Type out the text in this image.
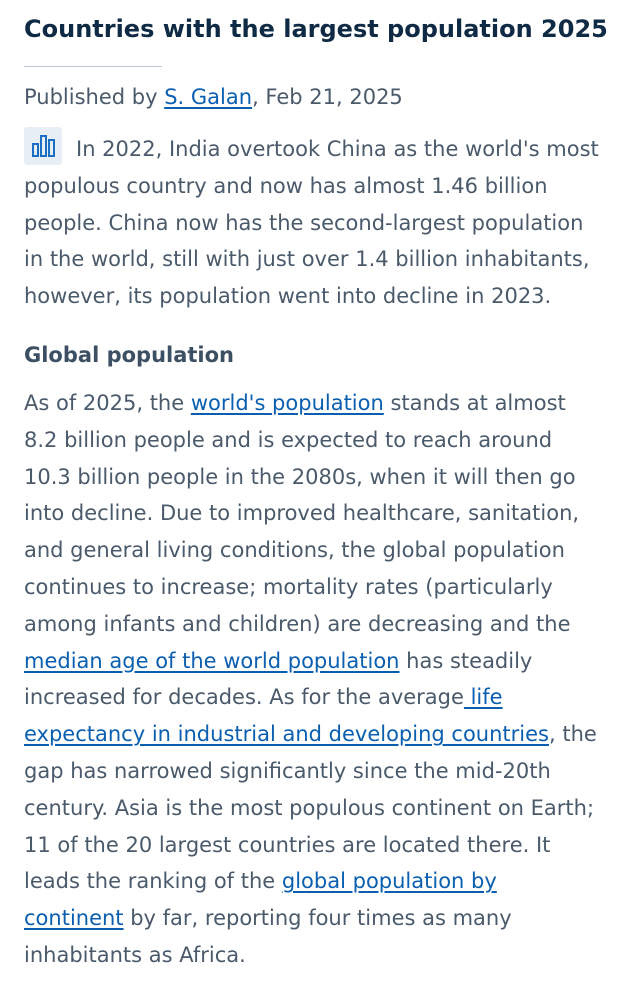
Countries with the largest population 2025
Published by S. Galan, Feb 21, 2025
In 2022, India overtook China as the world's most
populous country and now has almost 1.46 billion
people. China now has the second-largest population
in the world, still with just over 1.4 billion inhabitants,
however, its population went into decline in 2023.
Global population
As of 2025, the world's population stands at almost
8.2 billion people and is expected to reach around
10.3 billion people in the 2080s, when it will then go
into decline. Due to improved healthcare, sanitation,
and general living conditions, the global population
continues to increase; mortality rates (particularly
among infants and children) are decreasing and the
median age of the world population has steadily
increased for decades. As for the average life
expectancy in industrial and developing countries, the
gap has narrowed significantly since the mid-20th
century. Asia is the most populous continent on Earth;
11 of the 20 largest countries are located there. It
leads the ranking of the global population by
continent by far, reporting four times as many
inhabitants as Africa.
